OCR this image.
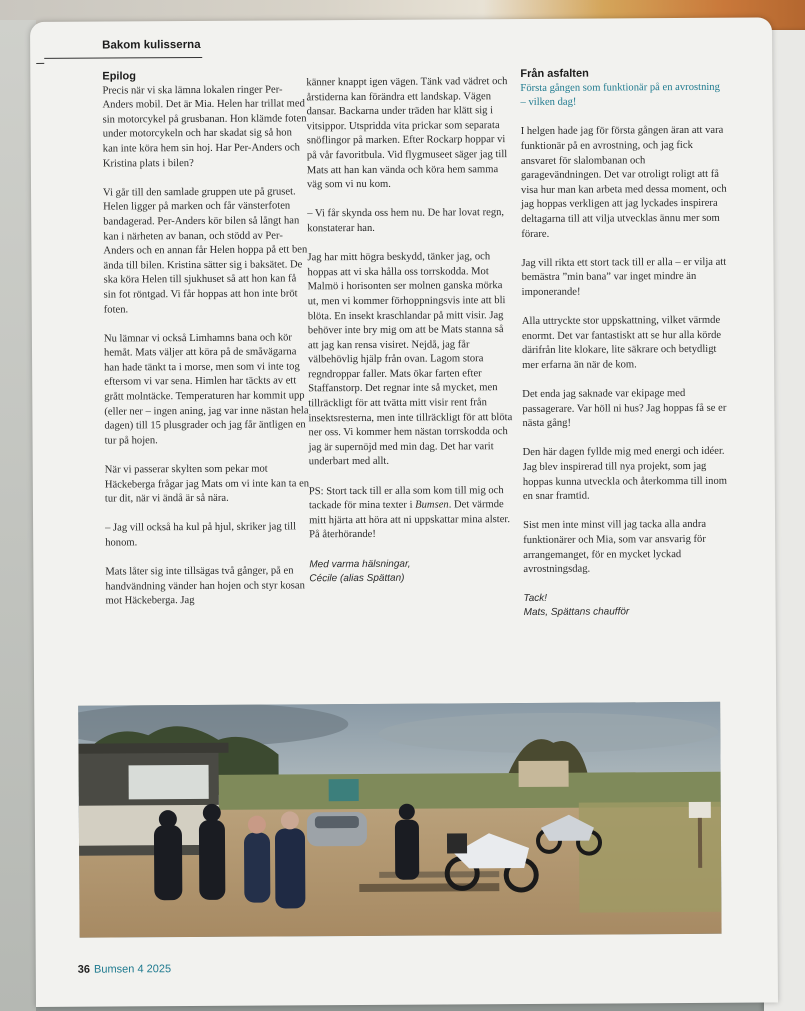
Bakom kulisserna

Epilog

Precis när vi ska lämna lokalen ringer Per-Anders mobil. Det är Mia. Helen har trillat med sin motorcykel på grusbanan. Hon klämde foten under motorcykeln och har skadat sig så hon kan inte köra hem sin hoj. Har Per-Anders och Kristina plats i bilen?

Vi går till den samlade gruppen ute på gruset. Helen ligger på marken och får vänsterfoten bandagerad. Per-Anders kör bilen så långt han kan i närheten av banan, och stödd av Per-Anders och en annan får Helen hoppa på ett ben ända till bilen. Kristina sätter sig i baksätet. De ska köra Helen till sjukhuset så att hon kan få sin fot röntgad. Vi får hoppas att hon inte bröt foten.

Nu lämnar vi också Limhamns bana och kör hemåt. Mats väljer att köra på de småvägarna han hade tänkt ta i morse, men som vi inte tog eftersom vi var sena. Himlen har täckts av ett grått molntäcke. Temperaturen har kommit upp (eller ner – ingen aning, jag var inne nästan hela dagen) till 15 plusgrader och jag får äntligen en tur på hojen.

När vi passerar skylten som pekar mot Häckeberga frågar jag Mats om vi inte kan ta en tur dit, när vi ändå är så nära.

– Jag vill också ha kul på hjul, skriker jag till honom.

Mats låter sig inte tillsägas två gånger, på en handvändning vänder han hojen och styr kosan mot Häckeberga. Jag

känner knappt igen vägen. Tänk vad vädret och årstiderna kan förändra ett landskap. Vägen dansar. Backarna under träden har klätt sig i vitsippor. Utspridda vita prickar som separata snöflingor på marken. Efter Rockarp hoppar vi på vår favoritbula. Vid flygmuseet säger jag till Mats att han kan vända och köra hem samma väg som vi nu kom.

– Vi får skynda oss hem nu. De har lovat regn, konstaterar han.

Jag har mitt högra beskydd, tänker jag, och hoppas att vi ska hålla oss torrskodda. Mot Malmö i horisonten ser molnen ganska mörka ut, men vi kommer förhoppningsvis inte att bli blöta. En insekt kraschlandar på mitt visir. Jag behöver inte bry mig om att be Mats stanna så att jag kan rensa visiret. Nejdå, jag får välbehövlig hjälp från ovan. Lagom stora regndroppar faller. Mats ökar farten efter Staffanstorp. Det regnar inte så mycket, men tillräckligt för att tvätta mitt visir rent från insektsresterna, men inte tillräckligt för att blöta ner oss. Vi kommer hem nästan torrskodda och jag är supernöjd med min dag. Det har varit underbart med allt.

PS: Stort tack till er alla som kom till mig och tackade för mina texter i Bumsen. Det värmde mitt hjärta att höra att ni uppskattar mina alster. På återhörande!

Med varma hälsningar,

Cécile (alias Spättan)

Från asfalten

Första gången som funktionär på en avrostning – vilken dag!

I helgen hade jag för första gången äran att vara funktionär på en avrostning, och jag fick ansvaret för slalombanan och garagevändningen. Det var otroligt roligt att få visa hur man kan arbeta med dessa moment, och jag hoppas verkligen att jag lyckades inspirera deltagarna till att vilja utvecklas ännu mer som förare.

Jag vill rikta ett stort tack till er alla – er vilja att bemästra ”min bana” var inget mindre än imponerande!

Alla uttryckte stor uppskattning, vilket värmde enormt. Det var fantastiskt att se hur alla körde därifrån lite klokare, lite säkrare och betydligt mer erfarna än när de kom.

Det enda jag saknade var ekipage med passagerare. Var höll ni hus? Jag hoppas få se er nästa gång!

Den här dagen fyllde mig med energi och idéer. Jag blev inspirerad till nya projekt, som jag hoppas kunna utveckla och återkomma till inom en snar framtid.

Sist men inte minst vill jag tacka alla andra funktionärer och Mia, som var ansvarig för arrangemanget, för en mycket lyckad avrostningsdag.

Tack!

Mats, Spättans chaufför

36 Bumsen 4 2025
